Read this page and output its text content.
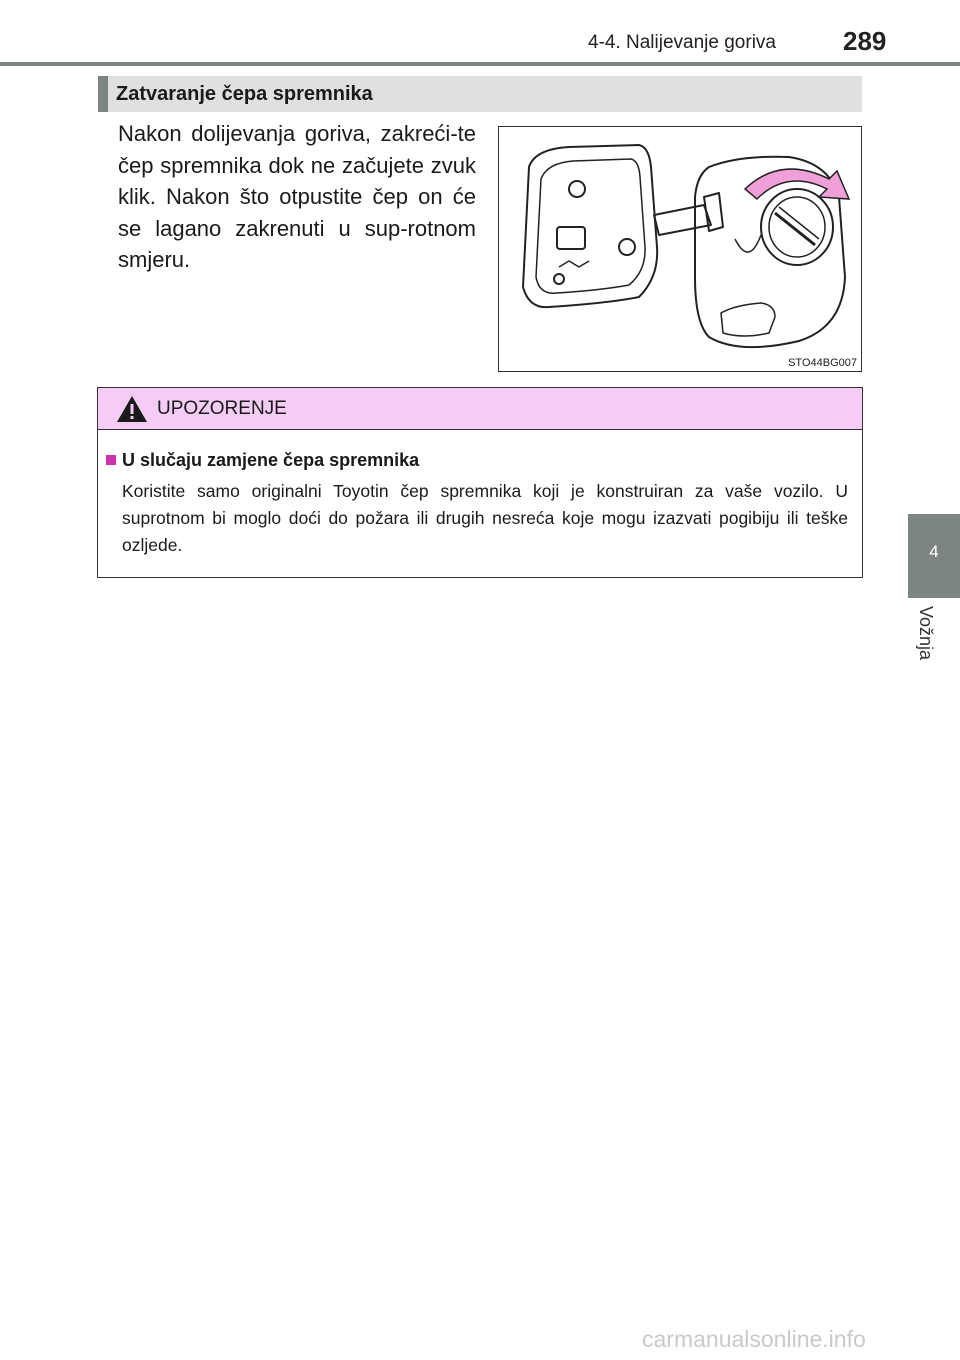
4-4. Nalijevanje goriva	289
4
Vožnja
Zatvaranje čepa spremnika
Nakon dolijevanja goriva, zakreći-te čep spremnika dok ne začujete zvuk klik. Nakon što otpustite čep on će se lagano zakrenuti u sup-rotnom smjeru.
STO44BG007
UPOZORENJE
U slučaju zamjene čepa spremnika
Koristite samo originalni Toyotin čep spremnika koji je konstruiran za vaše vozilo. U suprotnom bi moglo doći do požara ili drugih nesreća koje mogu izazvati pogibiju ili teške ozljede.
carmanualsonline.info
